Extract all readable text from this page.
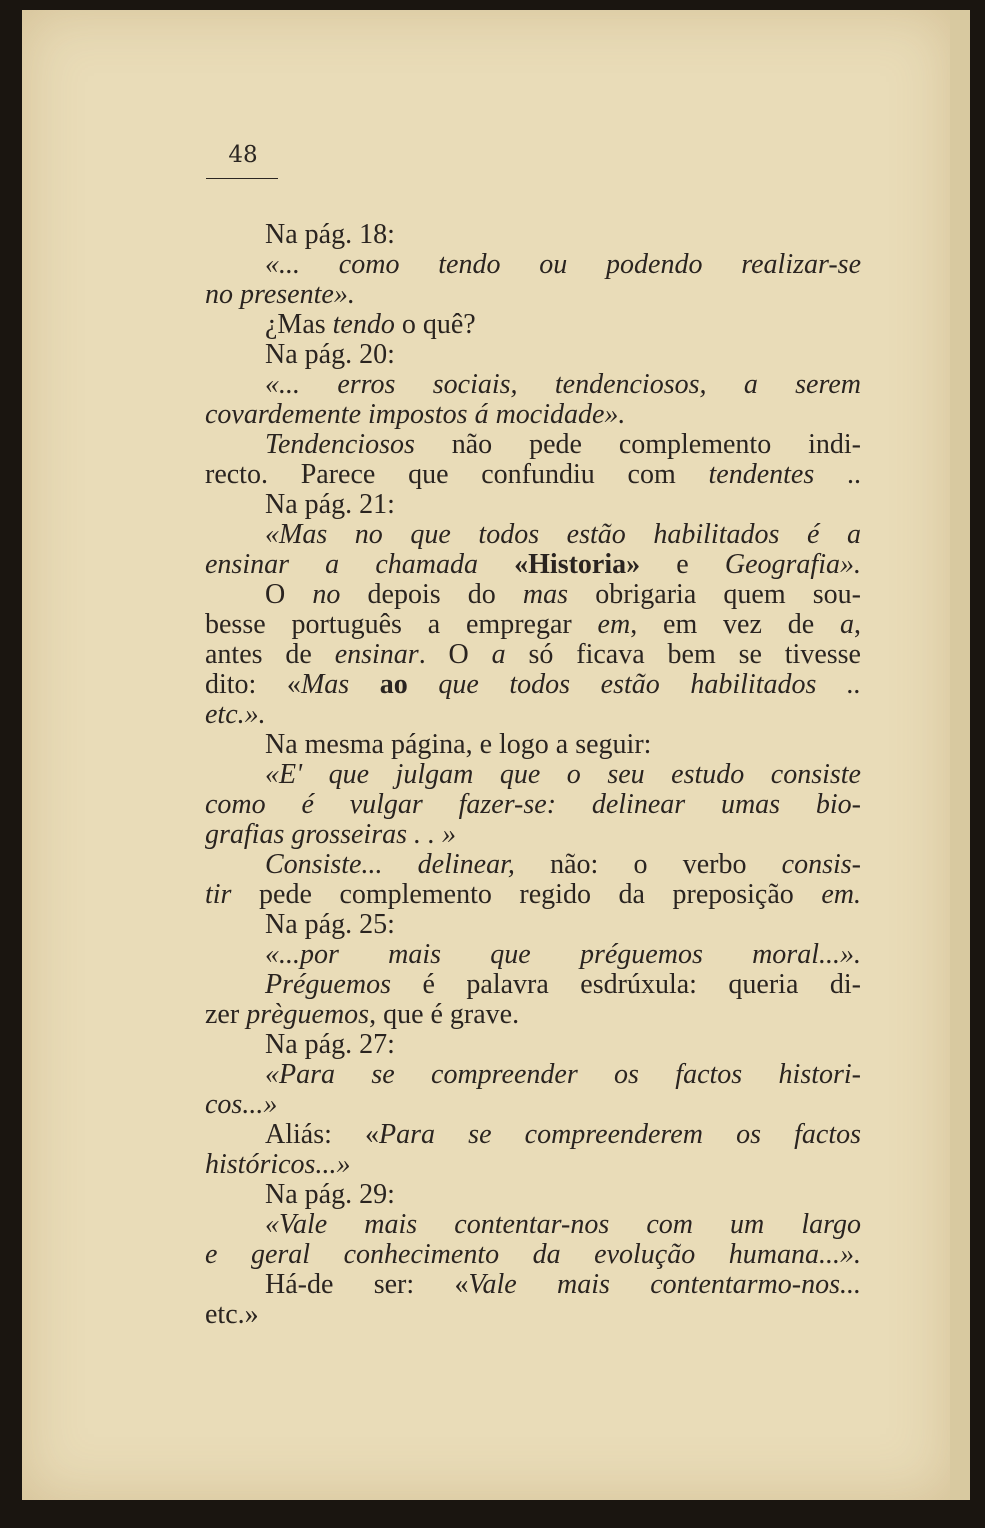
48
Na pág. 18:
«... como tendo ou podendo realizar-se
no presente».
¿Mas tendo o quê?
Na pág. 20:
«... erros sociais, tendenciosos, a serem
covardemente impostos á mocidade».
Tendenciosos não pede complemento indi-
recto. Parece que confundiu com tendentes ..
Na pág. 21:
«Mas no que todos estão habilitados é a
ensinar a chamada «Historia» e Geografia».
O no depois do mas obrigaria quem sou-
besse português a empregar em, em vez de a,
antes de ensinar. O a só ficava bem se tivesse
dito: «Mas ao que todos estão habilitados ..
etc.».
Na mesma página, e logo a seguir:
«E' que julgam que o seu estudo consiste
como é vulgar fazer-se: delinear umas bio-
grafias grosseiras . . »
Consiste... delinear, não: o verbo consis-
tir pede complemento regido da preposição em.
Na pág. 25:
«...por mais que préguemos moral...».
Préguemos é palavra esdrúxula: queria di-
zer prèguemos, que é grave.
Na pág. 27:
«Para se compreender os factos histori-
cos...»
Aliás: «Para se compreenderem os factos
históricos...»
Na pág. 29:
«Vale mais contentar-nos com um largo
e geral conhecimento da evolução humana...».
Há-de ser: «Vale mais contentarmo-nos...
etc.»
